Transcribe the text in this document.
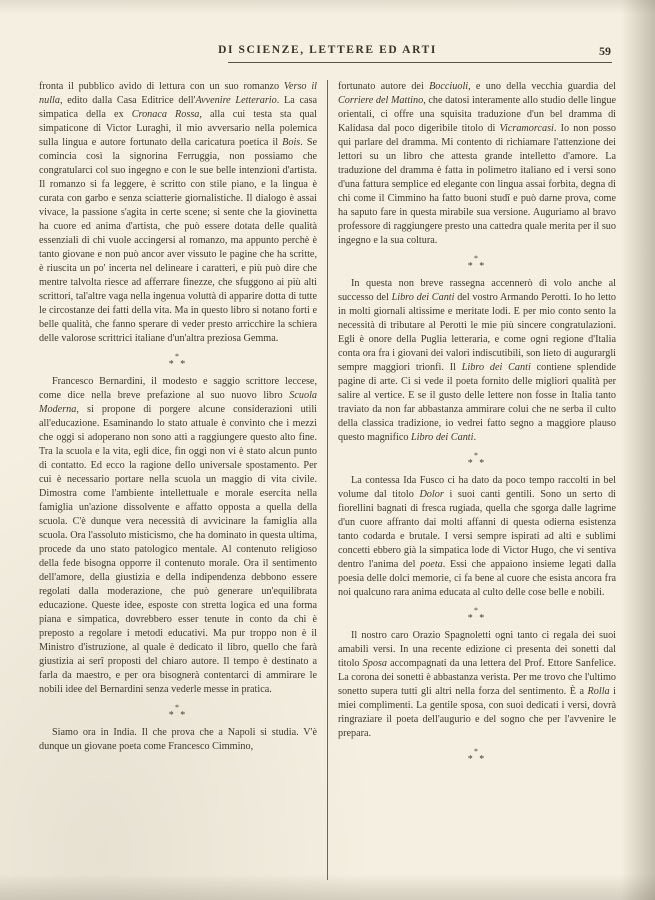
DI SCIENZE, LETTERE ED ARTI	59

fronta il pubblico avido di lettura con un suo romanzo Verso il nulla, edito dalla Casa Editrice dell'Avvenire Letterario. La casa simpatica della ex Cronaca Rossa, alla cui testa sta qual simpaticone di Victor Luraghi, il mio avversario nella polemica sulla lingua e autore fortunato della caricatura poetica il Bois. Se comincia così la signorina Ferruggia, non possiamo che congratularci col suo ingegno e con le sue belle intenzioni d'artista. Il romanzo si fa leggere, è scritto con stile piano, e la lingua è curata con garbo e senza sciatterie giornalistiche. Il dialogo è assai vivace, la passione s'agita in certe scene; si sente che la giovinetta ha cuore ed anima d'artista, che può essere dotata delle qualità essenziali di chi vuole accingersi al romanzo, ma appunto perchè è tanto giovane e non può ancor aver vissuto le pagine che ha scritte, è riuscita un po' incerta nel delineare i caratteri, e più può dire che mentre talvolta riesce ad afferrare finezze, che sfuggono ai più alti scrittori, tal'altre vaga nella ingenua voluttà di apparire dotta di tutte le circostanze dei fatti della vita. Ma in questo libro si notano forti e belle qualità, che fanno sperare di veder presto arricchire la schiera delle valorose scrittrici italiane d'un'altra preziosa Gemma.

*
* *

Francesco Bernardini, il modesto e saggio scrittore leccese, come dice nella breve prefazione al suo nuovo libro Scuola Moderna, si propone di porgere alcune considerazioni utili all'educazione. Esaminando lo stato attuale è convinto che i mezzi che oggi si adoperano non sono atti a raggiungere questo alto fine. Tra la scuola e la vita, egli dice, fin oggi non vi è stato alcun punto di contatto. Ed ecco la ragione dello universale spostamento. Per cui è necessario portare nella scuola un maggio di vita civile. Dimostra come l'ambiente intellettuale e morale esercita nella famiglia un'azione dissolvente e affatto opposta a quella della scuola. C'è dunque vera necessità di avvicinare la famiglia alla scuola. Ora l'assoluto misticismo, che ha dominato in questa ultima, procede da uno stato patologico mentale. Al contenuto religioso della fede bisogna opporre il contenuto morale. Ora il sentimento dell'amore, della giustizia e della indipendenza debbono essere regolati dalla moderazione, che può generare un'equilibrata educazione. Queste idee, esposte con stretta logica ed una forma piana e simpatica, dovrebbero esser tenute in conto da chi è preposto a regolare i metodi educativi. Ma pur troppo non è il Ministro d'istruzione, al quale è dedicato il libro, quello che farà giustizia ai serî proposti del chiaro autore. Il tempo è destinato a farla da maestro, e per ora bisognerà contentarci di ammirare le nobili idee del Bernardini senza vederle messe in pratica.

*
* *

Siamo ora in India. Il che prova che a Napoli si studia. V'è dunque un giovane poeta come Francesco Cimmino,

fortunato autore dei Bocciuoli, e uno della vecchia guardia del Corriere del Mattino, che datosi interamente allo studio delle lingue orientali, ci offre una squisita traduzione d'un bel dramma di Kalidasa dal poco digeribile titolo di Vicramorcasi. Io non posso qui parlare del dramma. Mi contento di richiamare l'attenzione dei lettori su un libro che attesta grande intelletto d'amore. La traduzione del dramma è fatta in polimetro italiano ed i versi sono d'una fattura semplice ed elegante con lingua assai forbita, degna di chi come il Cimmino ha fatto buoni studî e può darne prova, come ha saputo fare in questa mirabile sua versione. Auguriamo al bravo professore di raggiungere presto una cattedra quale merita per il suo ingegno e la sua coltura.

*
* *

In questa non breve rassegna accennerò di volo anche al successo del Libro dei Canti del vostro Armando Perotti. Io ho letto in molti giornali altissime e meritate lodi. E per mio conto sento la necessità di tributare al Perotti le mie più sincere congratulazioni. Egli è onore della Puglia letteraria, e come ogni regione d'Italia conta ora fra i giovani dei valori indiscutibili, son lieto di augurargli sempre maggiori trionfi. Il Libro dei Canti contiene splendide pagine di arte. Ci si vede il poeta fornito delle migliori qualità per salire al vertice. E se il gusto delle lettere non fosse in Italia tanto traviato da non far abbastanza ammirare colui che ne serba il culto della classica tradizione, io vedrei fatto segno a maggiore plauso questo magnifico Libro dei Canti.

*
* *

La contessa Ida Fusco ci ha dato da poco tempo raccolti in bel volume dal titolo Dolor i suoi canti gentili. Sono un serto di fiorellini bagnati di fresca rugiada, quella che sgorga dalle lagrime d'un cuore affranto dai molti affanni di questa odierna esistenza tanto codarda e brutale. I versi sempre ispirati ad alti e sublimi concetti ebbero già la simpatica lode di Victor Hugo, che vi sentiva dentro l'anima del poeta. Essi che appaiono insieme legati dalla poesia delle dolci memorie, ci fa bene al cuore che esista ancora fra noi qualcuno rara anima educata al culto delle cose belle e nobili.

*
* *

Il nostro caro Orazio Spagnoletti ogni tanto ci regala dei suoi amabili versi. In una recente edizione ci presenta dei sonetti dal titolo Sposa accompagnati da una lettera del Prof. Ettore Sanfelice. La corona dei sonetti è abbastanza verista. Per me trovo che l'ultimo sonetto supera tutti gli altri nella forza del sentimento. È a Rolla i miei complimenti. La gentile sposa, con suoi dedicati i versi, dovrà ringraziare il poeta dell'augurio e del sogno che per l'avvenire le prepara.

*
* *
